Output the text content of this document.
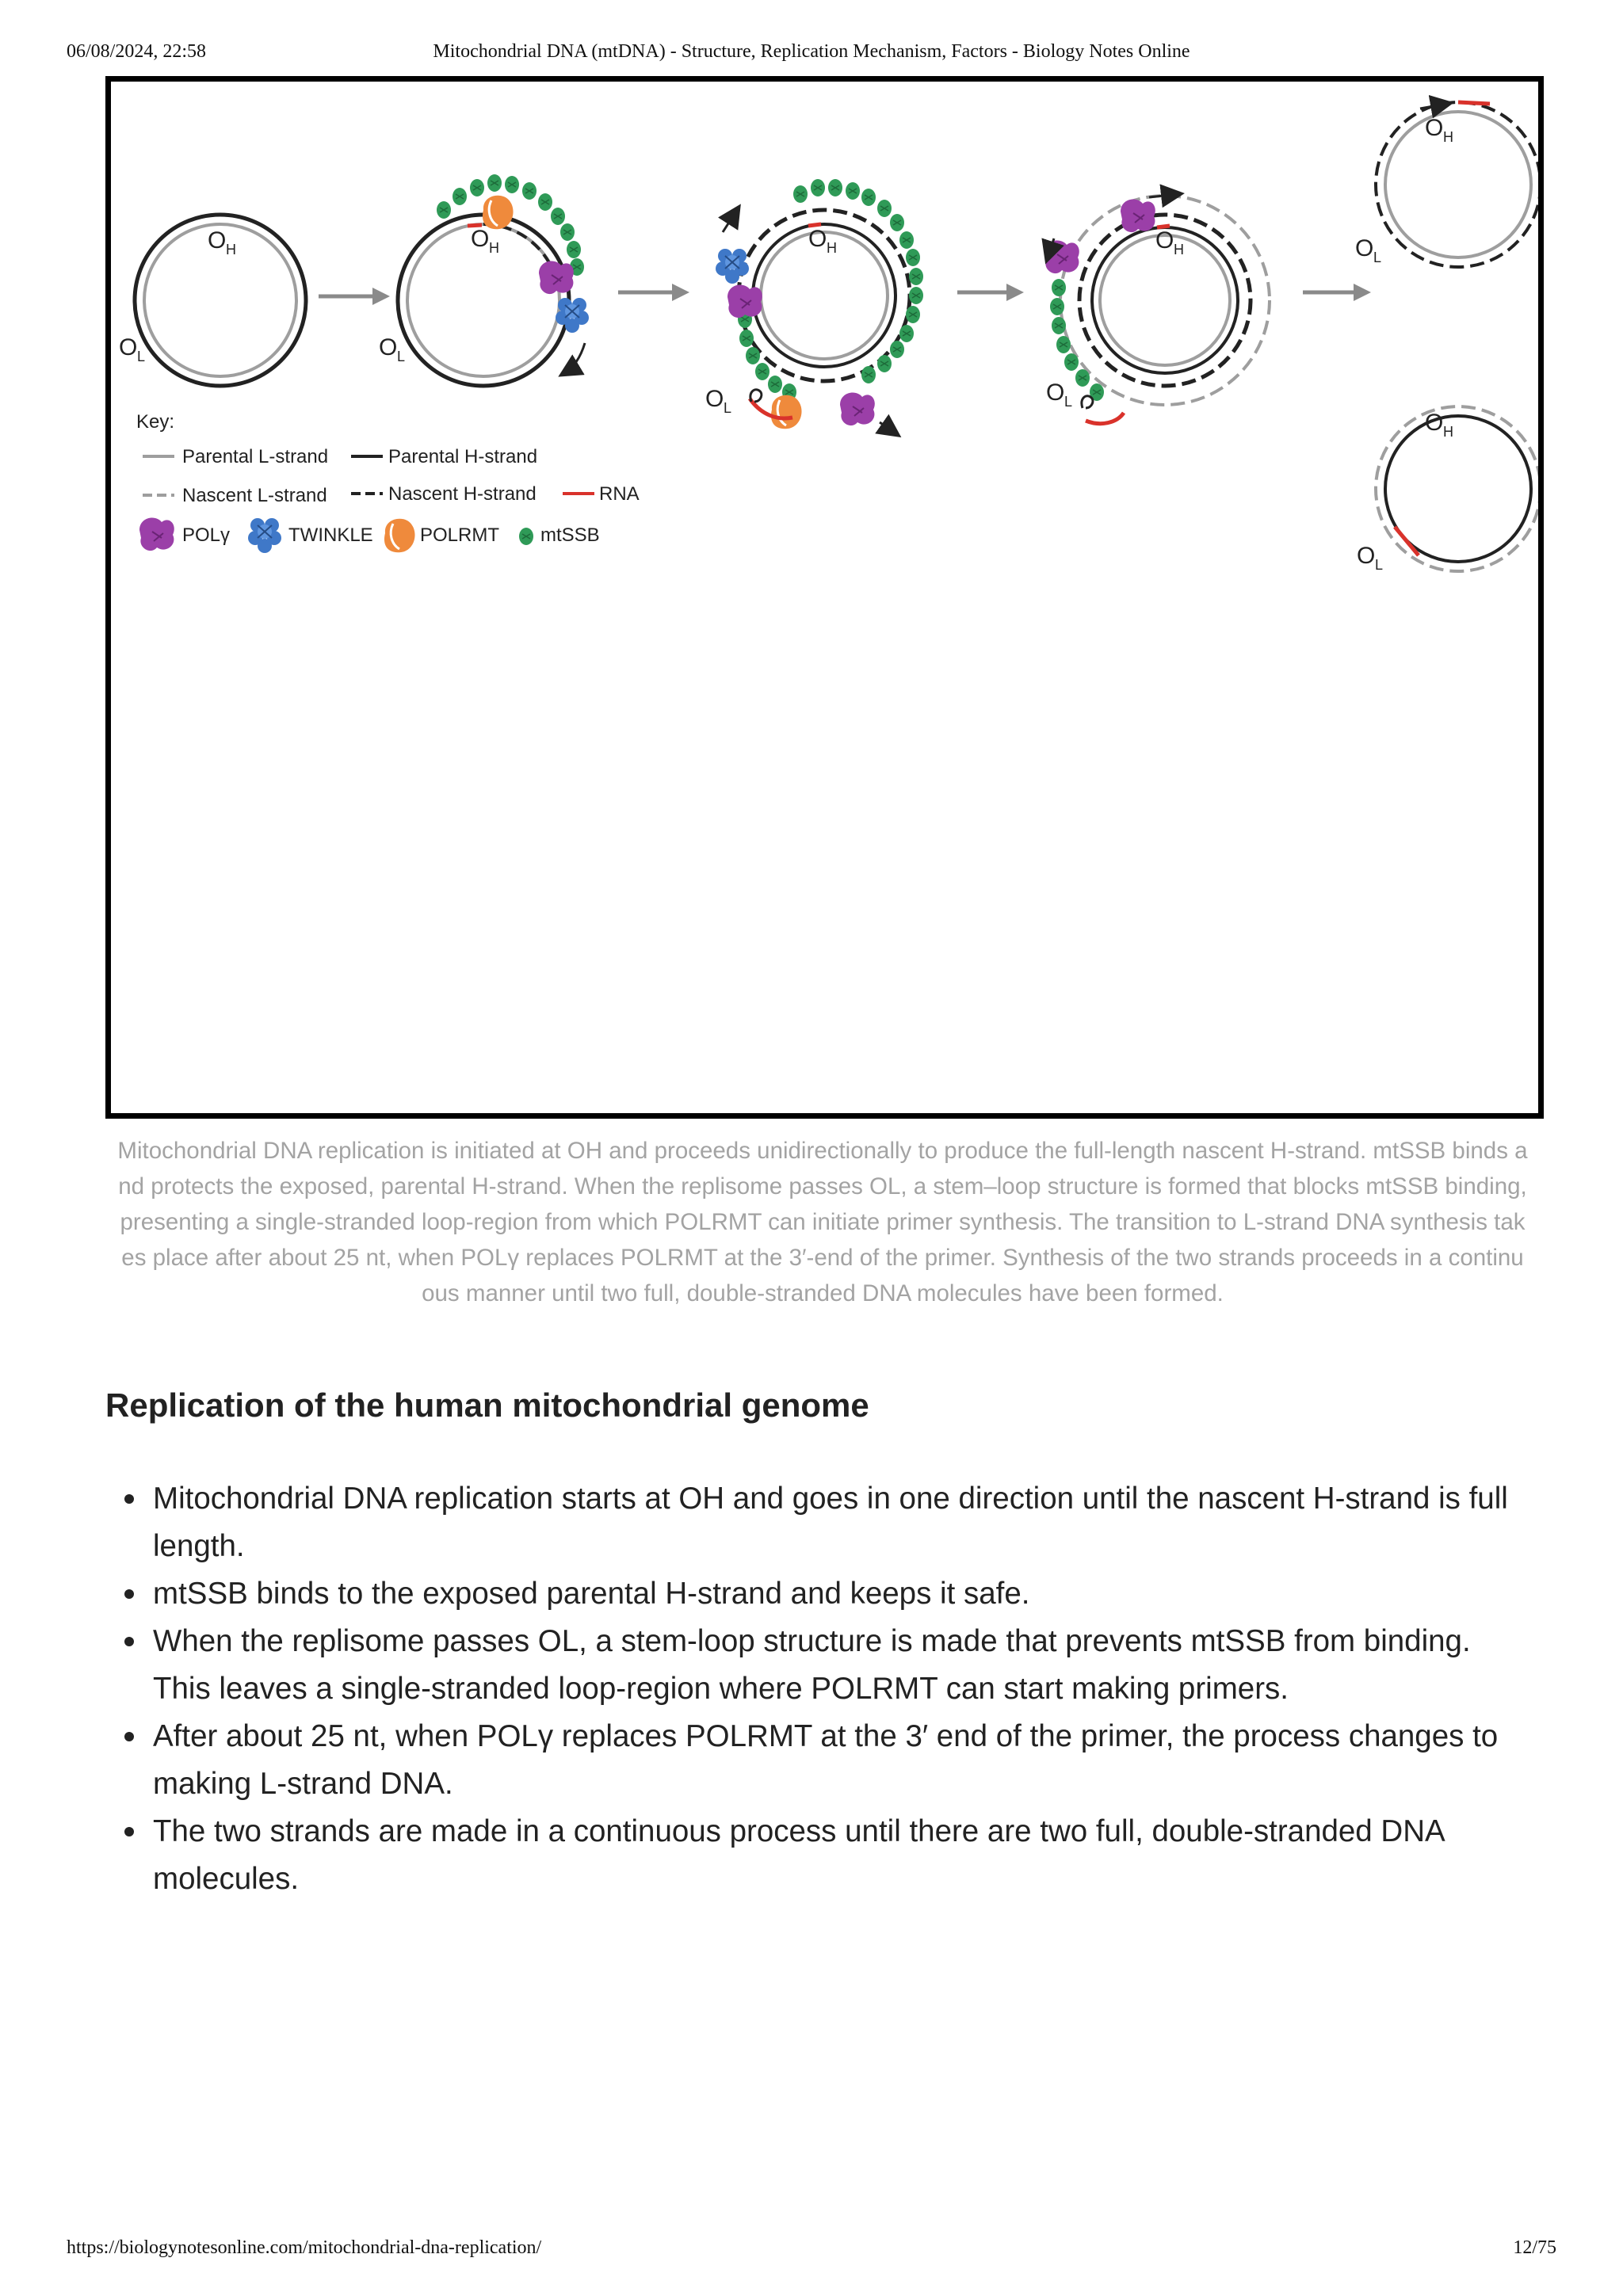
06/08/2024, 22:58	Mitochondrial DNA (mtDNA) - Structure, Replication Mechanism, Factors - Biology Notes Online
O H
O L
O H
O L
O H
O L
O H
O L
O H
O L
O H
O L
Key:
Parental L-strand	Parental H-strand
Nascent L-strand	Nascent H-strand	RNA
POLγ	TWINKLE POLRMT mtSSB
Mitochondrial DNA replication is initiated at OH and proceeds unidirectionally to produce the full-length nascent H-strand. mtSSB binds and protects the exposed, parental H-strand. When the replisome passes OL, a stem–loop structure is formed that blocks mtSSB binding, presenting a single-stranded loop-region from which POLRMT can initiate primer synthesis. The transition to L-strand DNA synthesis takes place after about 25 nt, when POLγ replaces POLRMT at the 3′-end of the primer. Synthesis of the two strands proceeds in a continuous manner until two full, double-stranded DNA molecules have been formed.
Replication of the human mitochondrial genome
Mitochondrial DNA replication starts at OH and goes in one direction until the nascent H-strand is full length.
mtSSB binds to the exposed parental H-strand and keeps it safe.
When the replisome passes OL, a stem-loop structure is made that prevents mtSSB from binding. This leaves a single-stranded loop-region where POLRMT can start making primers.
After about 25 nt, when POLγ replaces POLRMT at the 3′ end of the primer, the process changes to making L-strand DNA.
The two strands are made in a continuous process until there are two full, double-stranded DNA molecules.
https://biologynotesonline.com/mitochondrial-dna-replication/	12/75
